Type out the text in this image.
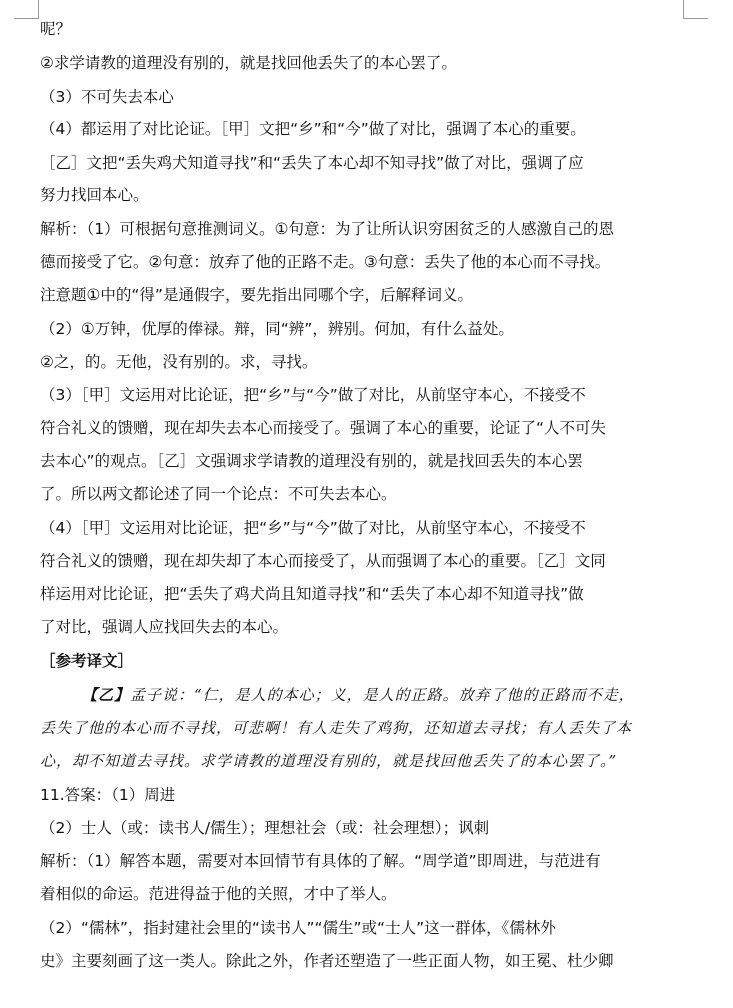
呢？
②求学请教的道理没有别的，就是找回他丢失了的本心罢了。
（3）不可失去本心
（4）都运用了对比论证。［甲］文把“乡”和“今”做了对比，强调了本心的重要。
［乙］文把“丢失鸡犬知道寻找”和“丢失了本心却不知寻找”做了对比，强调了应
努力找回本心。
解析：（1）可根据句意推测词义。①句意：为了让所认识穷困贫乏的人感激自己的恩
德而接受了它。②句意：放弃了他的正路不走。③句意：丢失了他的本心而不寻找。
注意题①中的“得”是通假字，要先指出同哪个字，后解释词义。
（2）①万钟，优厚的俸禄。辩，同“辨”，辨别。何加，有什么益处。
②之，的。无他，没有别的。求，寻找。
（3）［甲］文运用对比论证，把“乡”与“今”做了对比，从前坚守本心，不接受不
符合礼义的馈赠，现在却失去本心而接受了。强调了本心的重要，论证了“人不可失
去本心”的观点。［乙］文强调求学请教的道理没有别的，就是找回丢失的本心罢
了。所以两文都论述了同一个论点：不可失去本心。
（4）［甲］文运用对比论证，把“乡”与“今”做了对比，从前坚守本心，不接受不
符合礼义的馈赠，现在却失却了本心而接受了，从而强调了本心的重要。［乙］文同
样运用对比论证，把“丢失了鸡犬尚且知道寻找”和“丢失了本心却不知道寻找”做
了对比，强调人应找回失去的本心。
［参考译文］
【乙】孟子说：“仁，是人的本心；义，是人的正路。放弃了他的正路而不走，
丢失了他的本心而不寻找，可悲啊！有人走失了鸡狗，还知道去寻找；有人丢失了本
心，却不知道去寻找。求学请教的道理没有别的，就是找回他丢失了的本心罢了。”
11.答案：（1）周进
（2）士人（或：读书人/儒生）；理想社会（或：社会理想）；讽刺
解析：（1）解答本题，需要对本回情节有具体的了解。“周学道”即周进，与范进有
着相似的命运。范进得益于他的关照，才中了举人。
（2）“儒林”，指封建社会里的“读书人”“儒生”或“士人”这一群体，《儒林外
史》主要刻画了这一类人。除此之外，作者还塑造了一些正面人物，如王冕、杜少卿
